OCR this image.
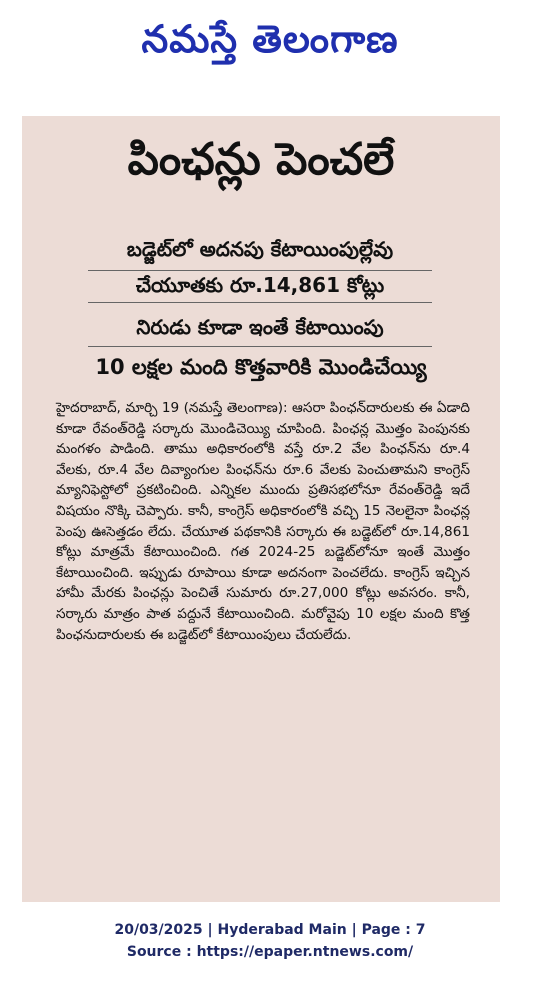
నమస్తే తెలంగాణ
పింఛన్లు పెంచలే
బడ్జెట్‌లో అదనపు కేటాయింపుల్లేవు
చేయూతకు రూ.14,861 కోట్లు
నిరుడు కూడా ఇంతే కేటాయింపు
10 లక్షల మంది కొత్తవారికి మొండిచేయ్యి
హైదరాబాద్, మార్చి 19 (నమస్తే తెలంగాణ): ఆసరా పింఛన్‌దారులకు ఈ ఏడాది కూడా రేవంత్‌రెడ్డి సర్కారు మొండిచెయ్యి చూపింది. పింఛన్ల మొత్తం పెంపునకు మంగళం పాడింది. తాము అధికారంలోకి వస్తే రూ.2 వేల పింఛన్‌ను రూ.4 వేలకు, రూ.4 వేల దివ్యాంగుల పింఛన్‌ను రూ.6 వేలకు పెంచుతామని కాంగ్రెస్ మ్యానిఫెస్టోలో ప్రకటించింది. ఎన్నికల ముందు ప్రతిసభలోనూ రేవంత్‌రెడ్డి ఇదే విషయం నొక్కి చెప్పారు. కానీ, కాంగ్రెస్ అధికారంలోకి వచ్చి 15 నెలలైనా పింఛన్ల పెంపు ఊసెత్తడం లేదు. చేయూత పథకానికి సర్కారు ఈ బడ్జెట్‌లో రూ.14,861 కోట్లు మాత్రమే కేటాయించింది. గత 2024-25 బడ్జెట్‌లోనూ ఇంతే మొత్తం కేటాయించింది. ఇప్పుడు రూపాయి కూడా అదనంగా పెంచలేదు. కాంగ్రెస్ ఇచ్చిన హామీ మేరకు పింఛన్లు పెంచితే సుమారు రూ.27,000 కోట్లు అవసరం. కానీ, సర్కారు మాత్రం పాత పద్దునే కేటాయించింది. మరోవైపు 10 లక్షల మంది కొత్త పింఛనుదారులకు ఈ బడ్జెట్‌లో కేటాయింపులు చేయలేదు.
20/03/2025 | Hyderabad Main | Page : 7
Source : https://epaper.ntnews.com/
